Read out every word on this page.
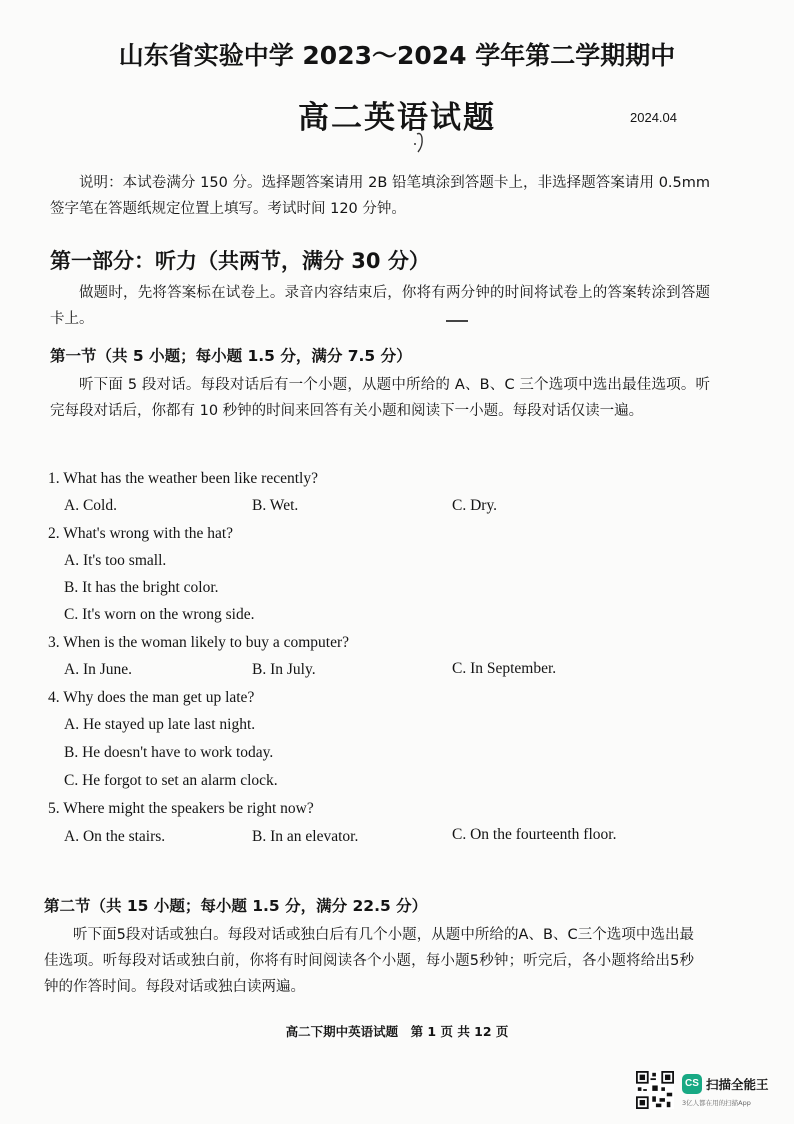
山东省实验中学 2023～2024 学年第二学期期中
高二英语试题	2024.04
说明：本试卷满分 150 分。选择题答案请用 2B 铅笔填涂到答题卡上，非选择题答案请用 0.5mm 签字笔在答题纸规定位置上填写。考试时间 120 分钟。
第一部分：听力（共两节，满分 30 分）
做题时，先将答案标在试卷上。录音内容结束后，你将有两分钟的时间将试卷上的答案转涂到答题卡上。
第一节（共 5 小题；每小题 1.5 分，满分 7.5 分）
听下面 5 段对话。每段对话后有一个小题，从题中所给的 A、B、C 三个选项中选出最佳选项。听完每段对话后，你都有 10 秒钟的时间来回答有关小题和阅读下一小题。每段对话仅读一遍。
1. What has the weather been like recently?
A. Cold.	B. Wet.	C. Dry.
2. What's wrong with the hat?
A. It's too small.
B. It has the bright color.
C. It's worn on the wrong side.
3. When is the woman likely to buy a computer?
A. In June.	B. In July.	C. In September.
4. Why does the man get up late?
A. He stayed up late last night.
B. He doesn't have to work today.
C. He forgot to set an alarm clock.
5. Where might the speakers be right now?
A. On the stairs.	B. In an elevator.	C. On the fourteenth floor.
第二节（共 15 小题；每小题 1.5 分，满分 22.5 分）
听下面5段对话或独白。每段对话或独白后有几个小题，从题中所给的A、B、C三个选项中选出最佳选项。听每段对话或独白前，你将有时间阅读各个小题，每小题5秒钟；听完后，各小题将给出5秒钟的作答时间。每段对话或独白读两遍。
高二下期中英语试题　第 1 页 共 12 页
CS 扫描全能王
3亿人都在用的扫描App
